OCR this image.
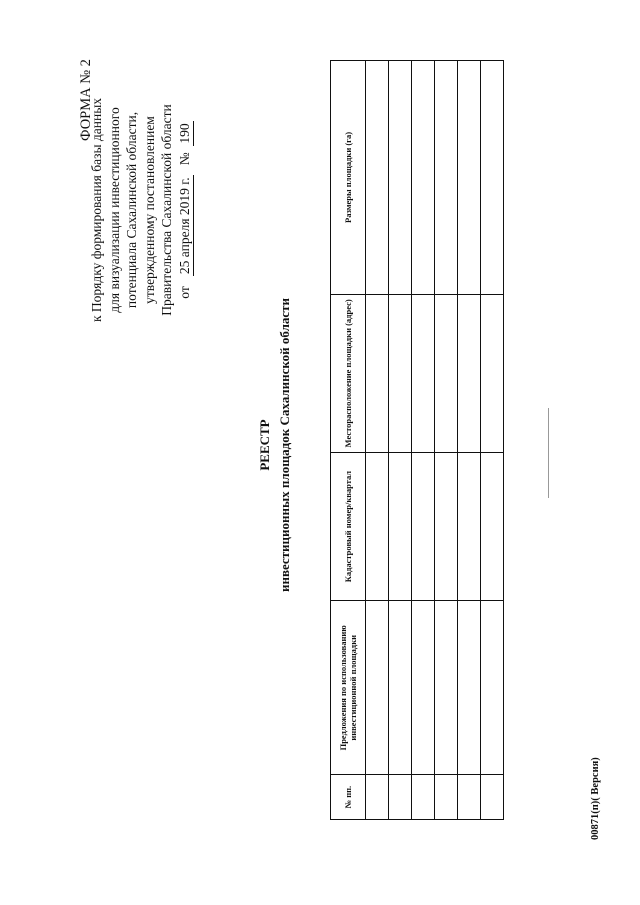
ФОРМА № 2
к Порядку формирования базы данных для визуализации инвестиционного потенциала Сахалинской области, утвержденному постановлением Правительства Сахалинской области от   25 апреля 2019 г.   №  190
РЕЕСТР инвестиционных площадок Сахалинской области
№ пп.	Предложения по использованию инвестиционной площадки	Кадастровый номер/квартал	Месторасположение площадки (адрес)	Размеры площадки (га)

00871(п)( Версия)
